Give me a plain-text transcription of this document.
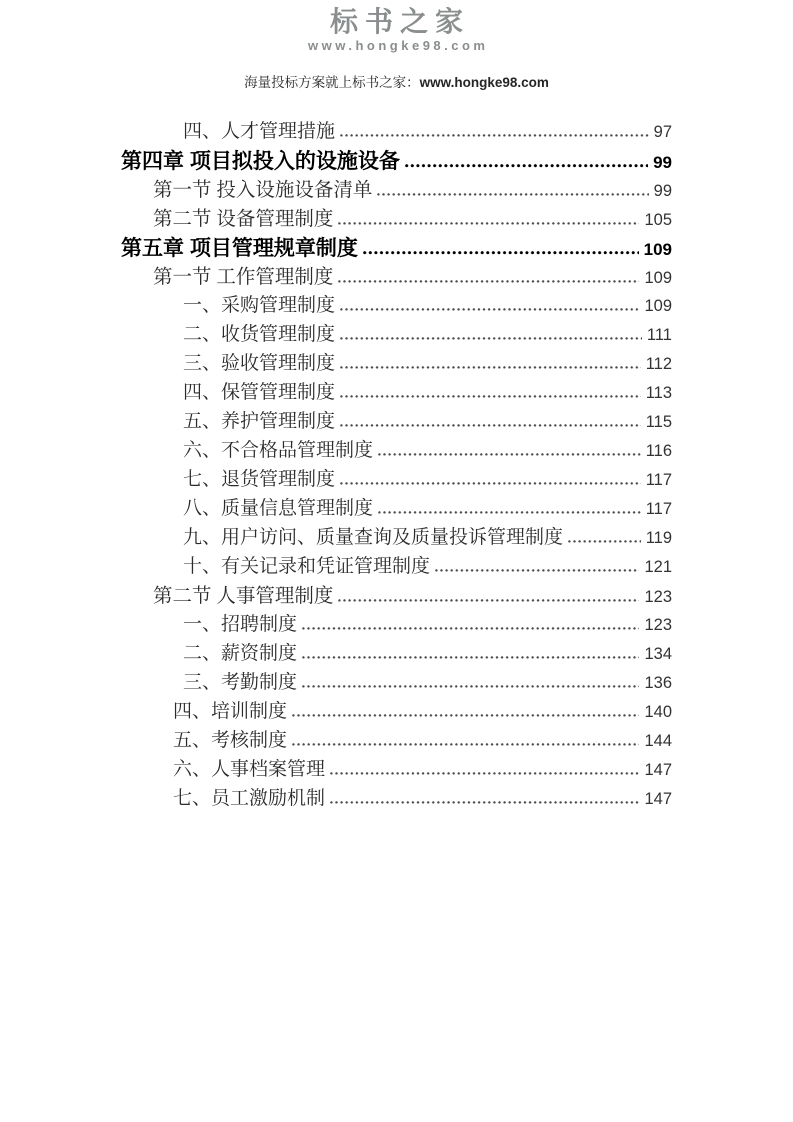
标书之家
www.hongke98.com
海量投标方案就上标书之家：www.hongke98.com
四、人才管理措施	97
第四章 项目拟投入的设施设备	99
第一节 投入设施设备清单	99
第二节 设备管理制度	105
第五章 项目管理规章制度	109
第一节 工作管理制度	109
一、采购管理制度	109
二、收货管理制度	111
三、验收管理制度	112
四、保管管理制度	113
五、养护管理制度	115
六、不合格品管理制度	116
七、退货管理制度	117
八、质量信息管理制度	117
九、用户访问、质量查询及质量投诉管理制度	119
十、有关记录和凭证管理制度	121
第二节 人事管理制度	123
一、招聘制度	123
二、薪资制度	134
三、考勤制度	136
四、培训制度	140
五、考核制度	144
六、人事档案管理	147
七、员工激励机制	147
